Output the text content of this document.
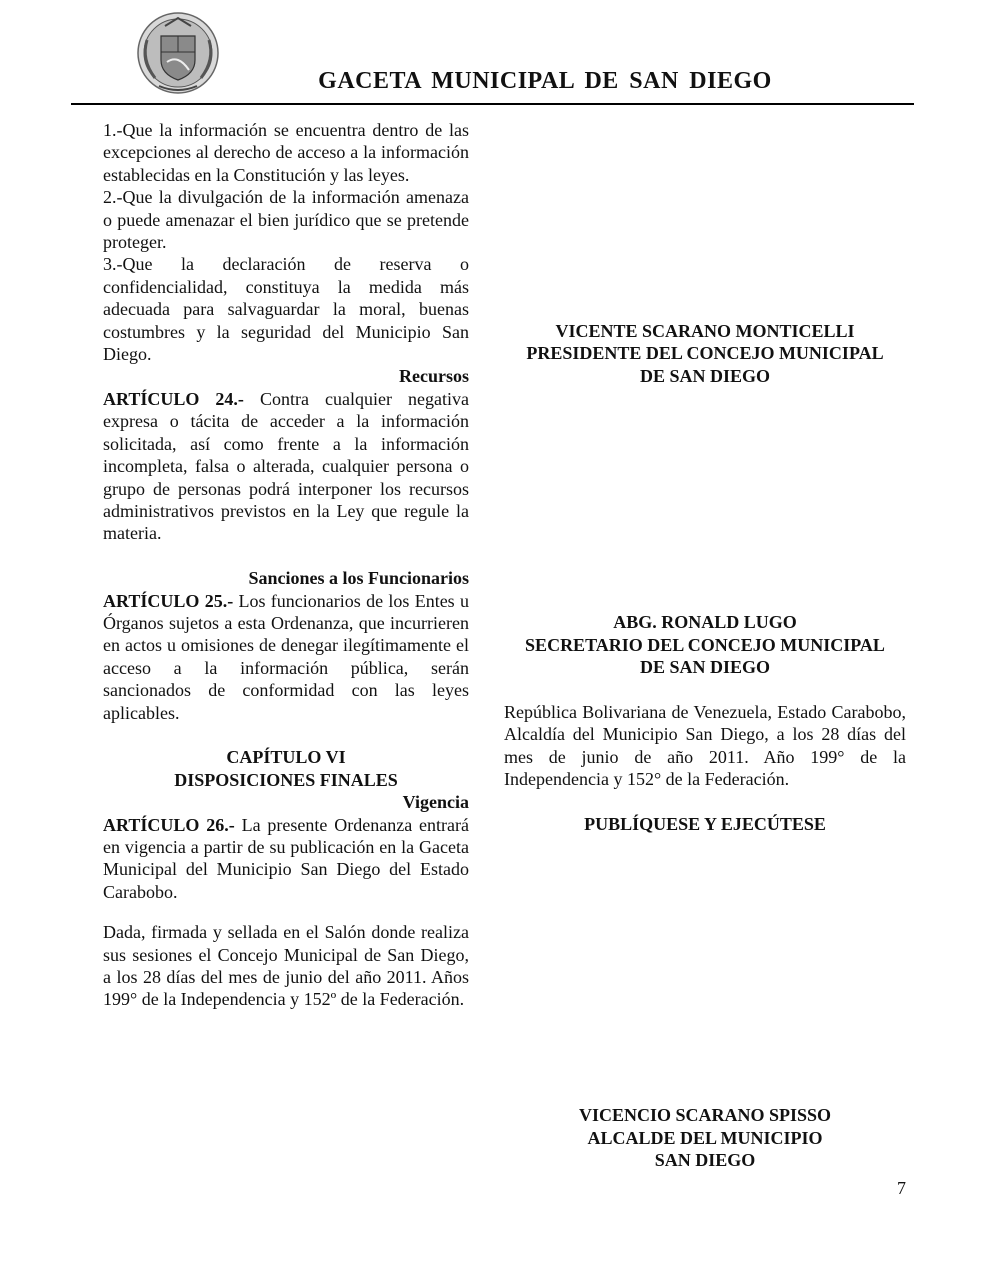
GACETA MUNICIPAL DE SAN DIEGO

1.-Que la información se encuentra dentro de las excepciones al derecho de acceso a la información establecidas en la Constitución y las leyes.

2.-Que la divulgación de la información amenaza o puede amenazar el bien jurídico que se pretende proteger.

3.-Que la declaración de reserva o confidencialidad, constituya la medida más adecuada para salvaguardar la moral, buenas costumbres y la seguridad del Municipio San Diego.

Recursos

ARTÍCULO 24.- Contra cualquier negativa expresa o tácita de acceder a la información solicitada, así como frente a la información incompleta, falsa o alterada, cualquier persona o grupo de personas podrá interponer los recursos administrativos previstos en la Ley que regule la materia.

Sanciones a los Funcionarios

ARTÍCULO 25.- Los funcionarios de los Entes u Órganos sujetos a esta Ordenanza, que incurrieren en actos u omisiones de denegar ilegítimamente el acceso a la información pública, serán sancionados de conformidad con las leyes aplicables.

CAPÍTULO VI

DISPOSICIONES FINALES

Vigencia

ARTÍCULO 26.- La presente Ordenanza entrará en vigencia a partir de su publicación en la Gaceta Municipal del Municipio San Diego del Estado Carabobo.

Dada, firmada y sellada en el Salón donde realiza sus sesiones el Concejo Municipal de San Diego, a los 28 días del mes de junio del año 2011. Años 199° de la Independencia y 152º de la Federación.

VICENTE SCARANO MONTICELLI

PRESIDENTE DEL CONCEJO MUNICIPAL

DE SAN DIEGO

ABG. RONALD LUGO

SECRETARIO DEL CONCEJO MUNICIPAL

DE SAN DIEGO

República Bolivariana de Venezuela, Estado Carabobo, Alcaldía del Municipio San Diego, a los 28 días del mes de junio de año 2011. Año 199° de la Independencia y 152° de la Federación.

PUBLÍQUESE Y EJECÚTESE

VICENCIO SCARANO SPISSO

ALCALDE DEL MUNICIPIO

SAN DIEGO

7
